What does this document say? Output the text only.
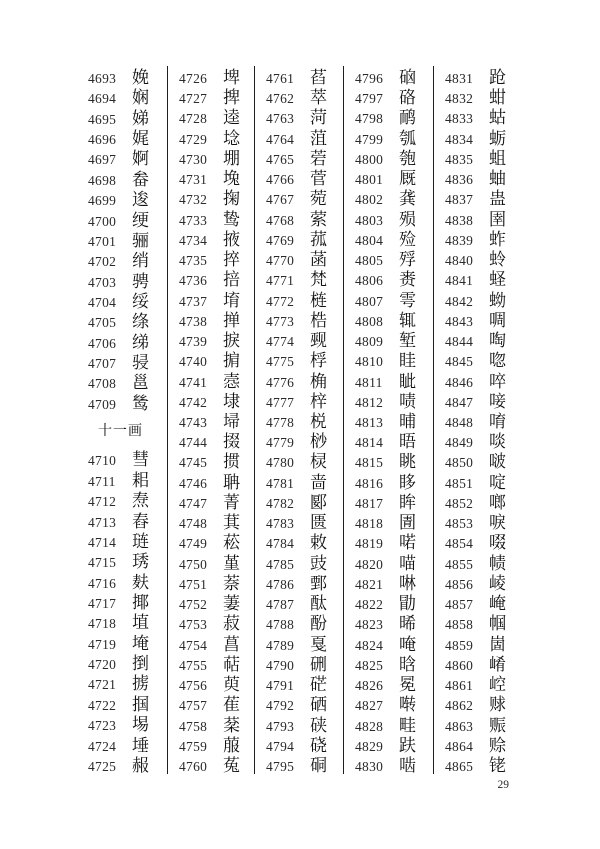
4693 娩
4694 娴
4695 娣
4696 娓
4697 婀
4698 畚
4699 逡
4700 绠
4701 骊
4702 绡
4703 骋
4704 绥
4705 绦
4706 绨
4707 骎
4708 邕
4709 鸶
十一画
4710 彗
4711 耜
4712 焘
4713 舂
4714 琏
4715 琇
4716 麸
4717 揶
4718 埴
4719 埯
4720 捯
4721 掳
4722 掴
4723 埸
4724 埵
4725 赧
4726 埤
4727 捭
4728 逵
4729 埝
4730 堋
4731 堍
4732 掬
4733 鸷
4734 掖
4735 捽
4736 掊
4737 堉
4738 掸
4739 捩
4740 掮
4741 悫
4742 埭
4743 埽
4744 掇
4745 掼
4746 聃
4747 菁
4748 萁
4749 菘
4750 堇
4751 萘
4752 萋
4753 菽
4754 菖
4755 萜
4756 萸
4757 萑
4758 棻
4759 菔
4760 菟
4761 萏
4762 萃
4763 菏
4764 菹
4765 菪
4766 菅
4767 菀
4768 萦
4769 菰
4770 菡
4771 梵
4772 梿
4773 梏
4774 觋
4775 桴
4776 桷
4777 梓
4778 棁
4779 桫
4780 棂
4781 啬
4782 郾
4783 匮
4784 敕
4785 豉
4786 鄄
4787 酞
4788 酚
4789 戛
4790 硎
4791 硭
4792 硒
4793 硖
4794 硗
4795 硐
4796 硇
4797 硌
4798 鸸
4799 瓠
4800 匏
4801 厩
4802 龚
4803 殒
4804 殓
4805 殍
4806 赉
4807 雩
4808 辄
4809 堑
4810 眭
4811 眦
4812 啧
4813 晡
4814 晤
4815 眺
4816 眵
4817 眸
4818 圊
4819 喏
4820 喵
4821 啉
4822 勖
4823 晞
4824 唵
4825 晗
4826 冕
4827 啭
4828 畦
4829 趺
4830 啮
4831 跄
4832 蚶
4833 蛄
4834 蛎
4835 蛆
4836 蚰
4837 蛊
4838 圉
4839 蚱
4840 蛉
4841 蛏
4842 蚴
4843 啁
4844 啕
4845 唿
4846 啐
4847 唼
4848 唷
4849 啖
4850 啵
4851 啶
4852 啷
4853 唳
4854 啜
4855 帻
4856 崚
4857 崦
4858 帼
4859 崮
4860 崤
4861 崆
4862 赇
4863 赈
4864 赊
4865 铑
29
